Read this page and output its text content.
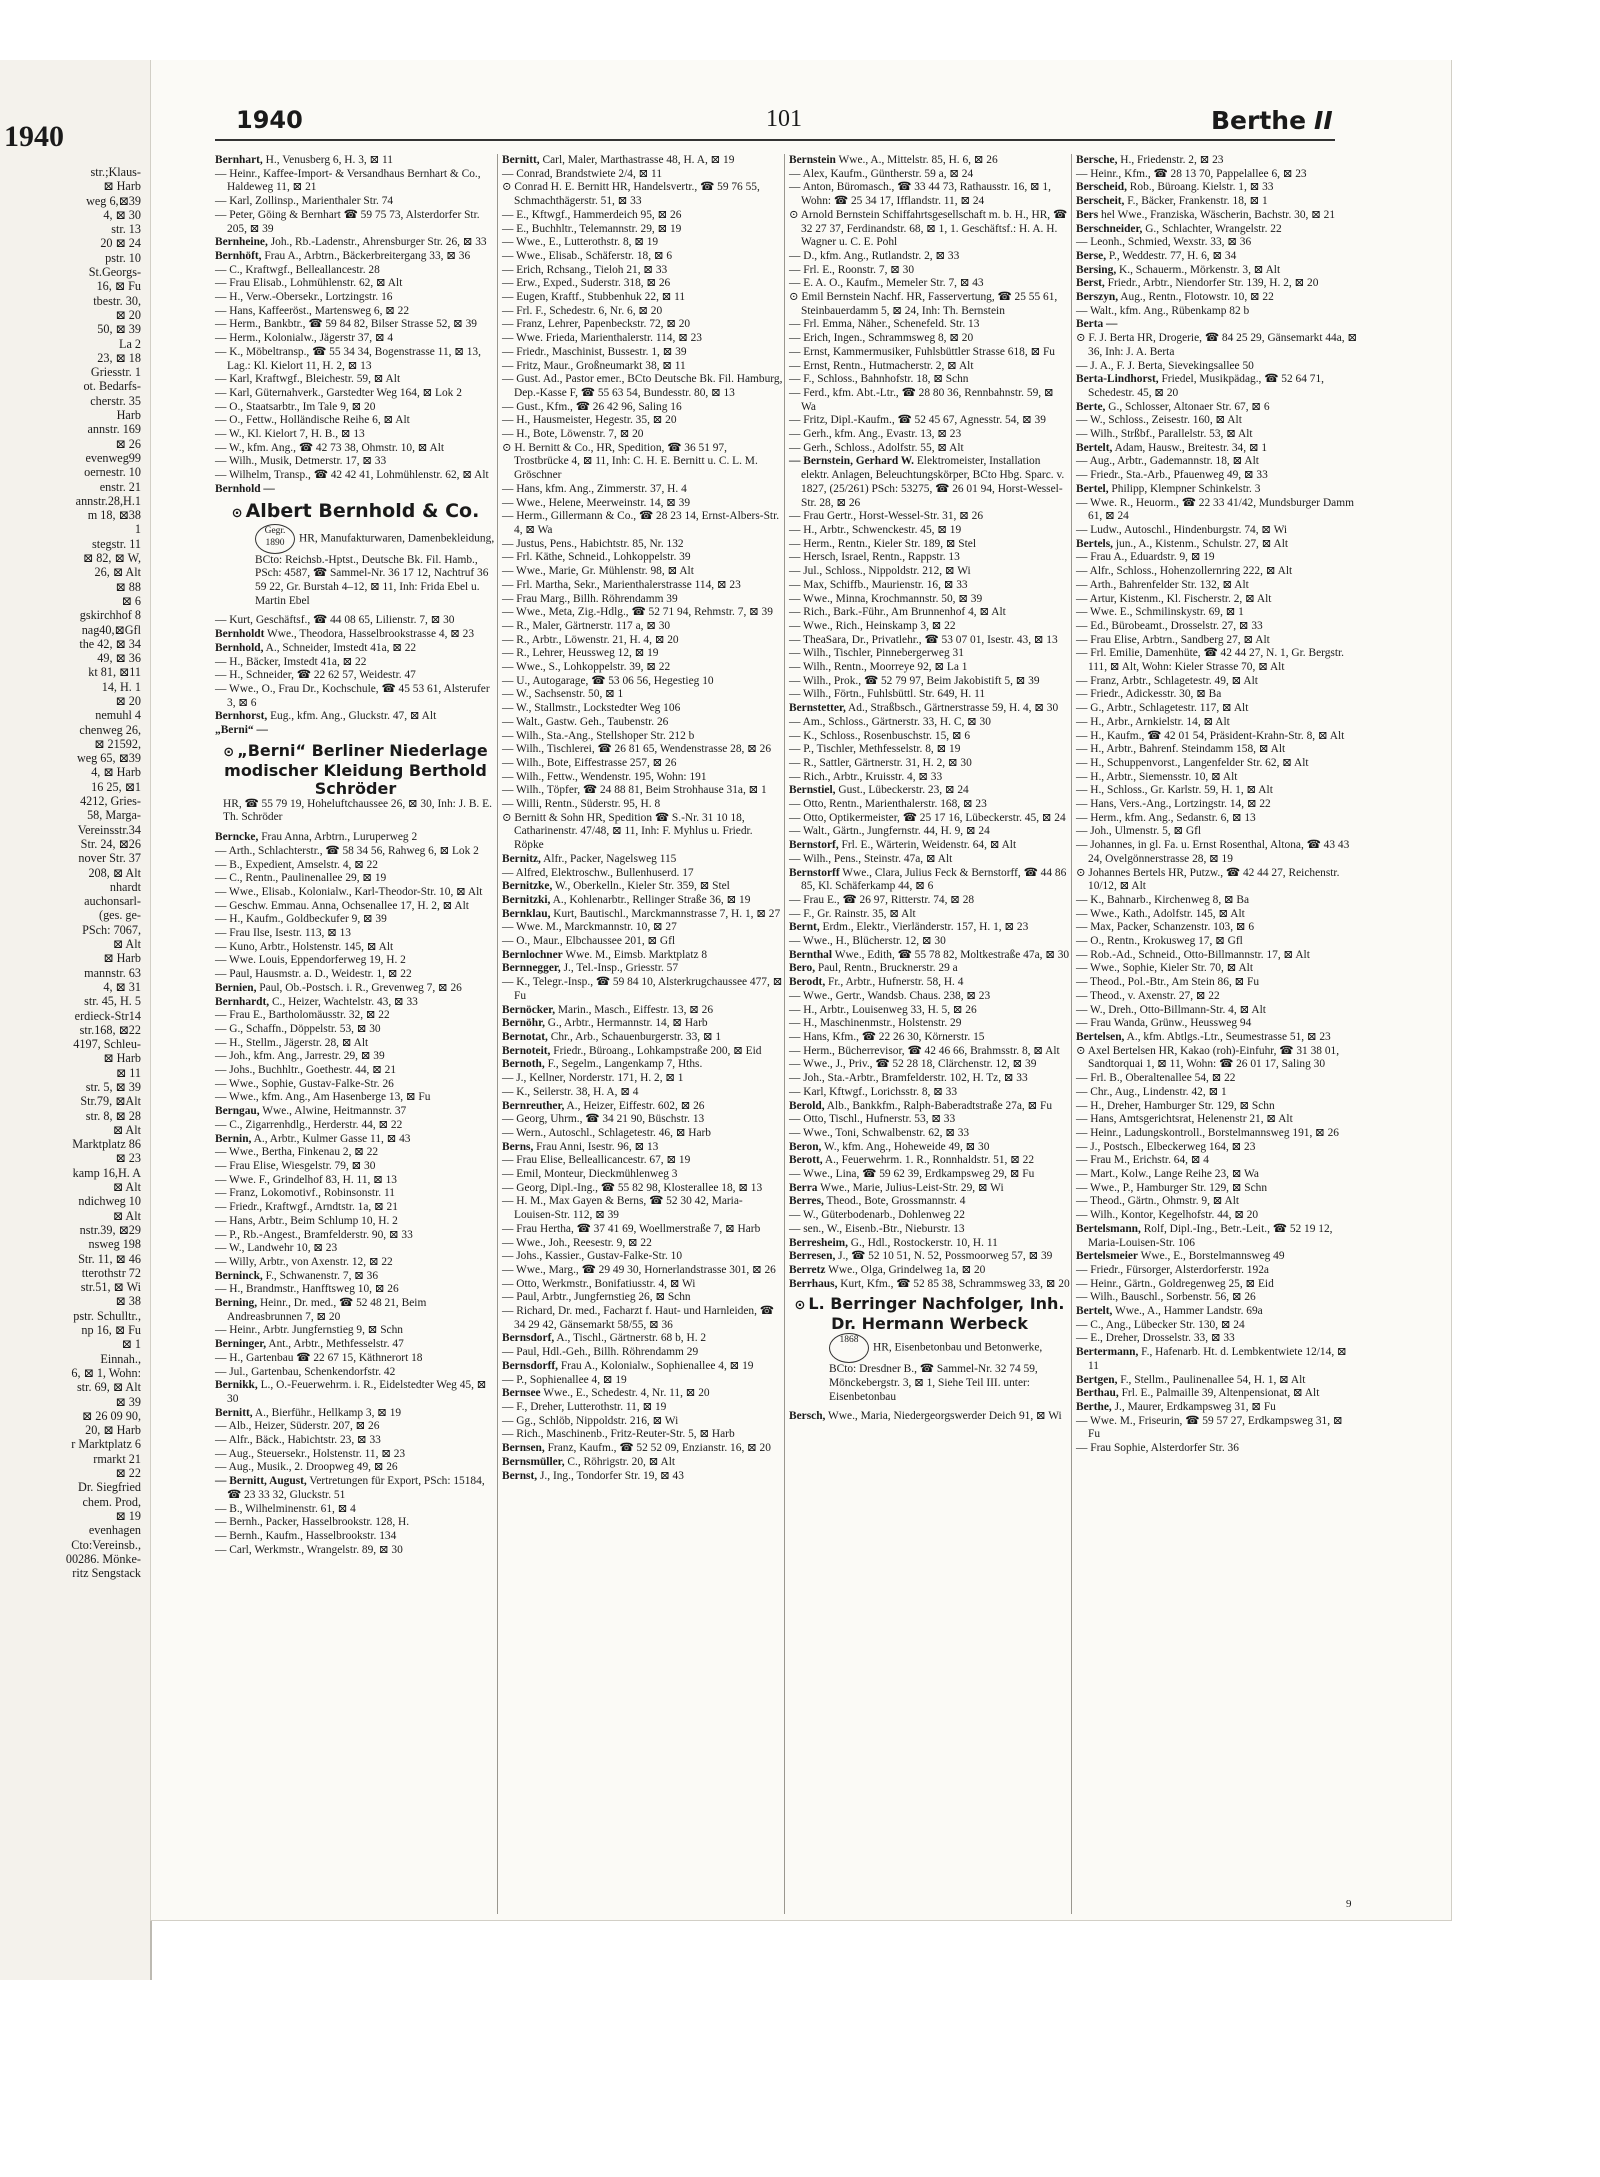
1940
str.;Klaus-
⊠ Harb
weg 6,⊠39
4, ⊠ 30
str. 13
20 ⊠ 24
pstr. 10
St.Georgs-
16, ⊠ Fu
tbestr. 30,
⊠ 20
50, ⊠ 39
La 2
23, ⊠ 18
Griesstr. 1
ot. Bedarfs-
cherstr. 35
Harb
annstr. 169
⊠ 26
evenweg99
oernestr. 10
enstr. 21
annstr.28,H.1
m 18, ⊠38
1
stegstr. 11
⊠ 82, ⊠ W,
26, ⊠ Alt
⊠ 88
⊠ 6
gskirchhof 8
nag40,⊠Gfl
the 42, ⊠ 34
49, ⊠ 36
kt 81, ⊠11
14, H. 1
⊠ 20
nemuhl 4
chenweg 26,
⊠ 21592,
weg 65, ⊠39
4, ⊠ Harb
16 25, ⊠1
4212, Gries-
58, Marga-
Vereinsstr.34
Str. 24, ⊠26
nover Str. 37
208, ⊠ Alt
nhardt
auchonsarl-
(ges. ge-
PSch: 7067,
⊠ Alt
⊠ Harb
mannstr. 63
4, ⊠ 31
str. 45, H. 5
erdieck-Str14
str.168, ⊠22
4197, Schleu-
⊠ Harb
⊠ 11
str. 5, ⊠ 39
Str.79, ⊠Alt
str. 8, ⊠ 28
⊠ Alt
Marktplatz 86
⊠ 23
kamp 16,H. A
⊠ Alt
ndichweg 10
⊠ Alt
nstr.39, ⊠29
nsweg 198
Str. 11, ⊠ 46
tterothstr 72
str.51, ⊠ Wi
⊠ 38
pstr. Schulltr.,
np 16, ⊠ Fu
⊠ 1
Einnah.,
6, ⊠ 1, Wohn:
str. 69, ⊠ Alt
⊠ 39
⊠ 26 09 90,
20, ⊠ Harb
r Marktplatz 6
rmarkt 21
⊠ 22
Dr. Siegfried
chem. Prod,
⊠ 19
evenhagen
Cto:Vereinsb.,
00286. Mönke-
ritz Sengstack
1940	101	Berthe II
Bernhart, H., Venusberg 6, H. 3, ⊠ 11
— Heinr., Kaffee-Import- & Versandhaus Bernhart & Co., Haldeweg 11, ⊠ 21
— Karl, Zollinsp., Marienthaler Str. 74
— Peter, Göing & Bernhart ☎ 59 75 73, Alsterdorfer Str. 205, ⊠ 39
Bernheine, Joh., Rb.-Ladenstr., Ahrensburger Str. 26, ⊠ 33
Bernhöft, Frau A., Arbtrn., Bäckerbreitergang 33, ⊠ 36
— C., Kraftwgf., Belleallancestr. 28
— Frau Elisab., Lohmühlenstr. 62, ⊠ Alt
— H., Verw.-Obersekr., Lortzingstr. 16
— Hans, Kaffeeröst., Martensweg 6, ⊠ 22
— Herm., Bankbtr., ☎ 59 84 82, Bilser Strasse 52, ⊠ 39
— Herm., Kolonialw., Jägerstr 37, ⊠ 4
— K., Möbeltransp., ☎ 55 34 34, Bogenstrasse 11, ⊠ 13, Lag.: Kl. Kielort 11, H. 2, ⊠ 13
— Karl, Kraftwgf., Bleichestr. 59, ⊠ Alt
— Karl, Güternahverk., Garstedter Weg 164, ⊠ Lok 2
— O., Staatsarbtr., Im Tale 9, ⊠ 20
— O., Fettw., Holländische Reihe 6, ⊠ Alt
— W., Kl. Kielort 7, H. B., ⊠ 13
— W., kfm. Ang., ☎ 42 73 38, Ohmstr. 10, ⊠ Alt
— Wilh., Musik, Detmerstr. 17, ⊠ 33
— Wilhelm, Transp., ☎ 42 42 41, Lohmühlenstr. 62, ⊠ Alt
Bernhold —
⊙ Albert Bernhold & Co.
Gegr. 1890 HR, Manufakturwaren, Damenbekleidung, BCto: Reichsb.-Hptst., Deutsche Bk. Fil. Hamb., PSch: 4587, ☎ Sammel-Nr. 36 17 12, Nachtruf 36 59 22, Gr. Burstah 4–12, ⊠ 11, Inh: Frida Ebel u. Martin Ebel
— Kurt, Geschäftsf., ☎ 44 08 65, Lilienstr. 7, ⊠ 30
Bernholdt Wwe., Theodora, Hasselbrookstrasse 4, ⊠ 23
Bernhold, A., Schneider, Imstedt 41a, ⊠ 22
— H., Bäcker, Imstedt 41a, ⊠ 22
— H., Schneider, ☎ 22 62 57, Weidestr. 47
— Wwe., O., Frau Dr., Kochschule, ☎ 45 53 61, Alsterufer 3, ⊠ 6
Bernhorst, Eug., kfm. Ang., Gluckstr. 47, ⊠ Alt
„Berni“ —
⊙ „Berni“ Berliner Niederlage modischer Kleidung Berthold Schröder
HR, ☎ 55 79 19, Hoheluftchaussee 26, ⊠ 30, Inh: J. B. E. Th. Schröder
Berncke, Frau Anna, Arbtrn., Luruperweg 2
— Arth., Schlachterstr., ☎ 58 34 56, Rahweg 6, ⊠ Lok 2
— B., Expedient, Amselstr. 4, ⊠ 22
— C., Rentn., Paulinenallee 29, ⊠ 19
— Wwe., Elisab., Kolonialw., Karl-Theodor-Str. 10, ⊠ Alt
— Geschw. Emmau. Anna, Ochsenallee 17, H. 2, ⊠ Alt
— H., Kaufm., Goldbeckufer 9, ⊠ 39
— Frau Ilse, Isestr. 113, ⊠ 13
— Kuno, Arbtr., Holstenstr. 145, ⊠ Alt
— Wwe. Louis, Eppendorferweg 19, H. 2
— Paul, Hausmstr. a. D., Weidestr. 1, ⊠ 22
Bernien, Paul, Ob.-Postsch. i. R., Grevenweg 7, ⊠ 26
Bernhardt, C., Heizer, Wachtelstr. 43, ⊠ 33
— Frau E., Bartholomäusstr. 32, ⊠ 22
— G., Schaffn., Döppelstr. 53, ⊠ 30
— H., Stellm., Jägerstr. 28, ⊠ Alt
— Joh., kfm. Ang., Jarrestr. 29, ⊠ 39
— Johs., Buchhltr., Goethestr. 44, ⊠ 21
— Wwe., Sophie, Gustav-Falke-Str. 26
— Wwe., kfm. Ang., Am Hasenberge 13, ⊠ Fu
Berngau, Wwe., Alwine, Heitmannstr. 37
— C., Zigarrenhdlg., Herderstr. 44, ⊠ 22
Bernin, A., Arbtr., Kulmer Gasse 11, ⊠ 43
— Wwe., Bertha, Finkenau 2, ⊠ 22
— Frau Elise, Wiesgelstr. 79, ⊠ 30
— Wwe. F., Grindelhof 83, H. 11, ⊠ 13
— Franz, Lokomotivf., Robinsonstr. 11
— Friedr., Kraftwgf., Arndtstr. 1a, ⊠ 21
— Hans, Arbtr., Beim Schlump 10, H. 2
— P., Rb.-Angest., Bramfelderstr. 90, ⊠ 33
— W., Landwehr 10, ⊠ 23
— Willy, Arbtr., von Axenstr. 12, ⊠ 22
Berninck, F., Schwanenstr. 7, ⊠ 36
— H., Brandmstr., Hanfftsweg 10, ⊠ 26
Berning, Heinr., Dr. med., ☎ 52 48 21, Beim Andreasbrunnen 7, ⊠ 20
— Heinr., Arbtr. Jungfernstieg 9, ⊠ Schn
Berninger, Ant., Arbtr., Methfesselstr. 47
— H., Gartenbau ☎ 22 67 15, Käthnerort 18
— Jul., Gartenbau, Schenkendorfstr. 42
Bernikk, L., O.-Feuerwehrm. i. R., Eidelstedter Weg 45, ⊠ 30
Bernitt, A., Bierführ., Hellkamp 3, ⊠ 19
— Alb., Heizer, Süderstr. 207, ⊠ 26
— Alfr., Bäck., Habichtstr. 23, ⊠ 33
— Aug., Steuersekr., Holstenstr. 11, ⊠ 23
— Aug., Musik., 2. Droopweg 49, ⊠ 26
— Bernitt, August, Vertretungen für Export, PSch: 15184, ☎ 23 33 32, Gluckstr. 51
— B., Wilhelminenstr. 61, ⊠ 4
— Bernh., Packer, Hasselbrookstr. 128, H.
— Bernh., Kaufm., Hasselbrookstr. 134
— Carl, Werkmstr., Wrangelstr. 89, ⊠ 30
Bernitt, Carl, Maler, Marthastrasse 48, H. A, ⊠ 19
— Conrad, Brandstwiete 2/4, ⊠ 11
⊙ Conrad H. E. Bernitt HR, Handelsvertr., ☎ 59 76 55, Schmachthägerstr. 51, ⊠ 33
— E., Kftwgf., Hammerdeich 95, ⊠ 26
— E., Buchhltr., Telemannstr. 29, ⊠ 19
— Wwe., E., Lutterothstr. 8, ⊠ 19
— Wwe., Elisab., Schäferstr. 18, ⊠ 6
— Erich, Rchsang., Tieloh 21, ⊠ 33
— Erw., Exped., Suderstr. 318, ⊠ 26
— Eugen, Kraftf., Stubbenhuk 22, ⊠ 11
— Frl. F., Schedestr. 6, Nr. 6, ⊠ 20
— Franz, Lehrer, Papenbeckstr. 72, ⊠ 20
— Wwe. Frieda, Marienthalerstr. 114, ⊠ 23
— Friedr., Maschinist, Bussestr. 1, ⊠ 39
— Fritz, Maur., Großneumarkt 38, ⊠ 11
— Gust. Ad., Pastor emer., BCto Deutsche Bk. Fil. Hamburg, Dep.-Kasse F, ☎ 55 63 54, Bundesstr. 80, ⊠ 13
— Gust., Kfm., ☎ 26 42 96, Saling 16
— H., Hausmeister, Hegestr. 35, ⊠ 20
— H., Bote, Löwenstr. 7, ⊠ 20
⊙ H. Bernitt & Co., HR, Spedition, ☎ 36 51 97, Trostbrücke 4, ⊠ 11, Inh: C. H. E. Bernitt u. C. L. M. Gröschner
— Hans, kfm. Ang., Zimmerstr. 37, H. 4
— Wwe., Helene, Meerweinstr. 14, ⊠ 39
— Herm., Gillermann & Co., ☎ 28 23 14, Ernst-Albers-Str. 4, ⊠ Wa
— Justus, Pens., Habichtstr. 85, Nr. 132
— Frl. Käthe, Schneid., Lohkoppelstr. 39
— Wwe., Marie, Gr. Mühlenstr. 98, ⊠ Alt
— Frl. Martha, Sekr., Marienthalerstrasse 114, ⊠ 23
— Frau Marg., Billh. Röhrendamm 39
— Wwe., Meta, Zig.-Hdlg., ☎ 52 71 94, Rehmstr. 7, ⊠ 39
— R., Maler, Gärtnerstr. 117 a, ⊠ 30
— R., Arbtr., Löwenstr. 21, H. 4, ⊠ 20
— R., Lehrer, Heussweg 12, ⊠ 19
— Wwe., S., Lohkoppelstr. 39, ⊠ 22
— U., Autogarage, ☎ 53 06 56, Hegestieg 10
— W., Sachsenstr. 50, ⊠ 1
— W., Stallmstr., Lockstedter Weg 106
— Walt., Gastw. Geh., Taubenstr. 26
— Wilh., Sta.-Ang., Stellshoper Str. 212 b
— Wilh., Tischlerei, ☎ 26 81 65, Wendenstrasse 28, ⊠ 26
— Wilh., Bote, Eiffestrasse 257, ⊠ 26
— Wilh., Fettw., Wendenstr. 195, Wohn: 191
— Wilh., Töpfer, ☎ 24 88 81, Beim Strohhause 31a, ⊠ 1
— Willi, Rentn., Süderstr. 95, H. 8
⊙ Bernitt & Sohn HR, Spedition ☎ S.-Nr. 31 10 18, Catharinenstr. 47/48, ⊠ 11, Inh: F. Myhlus u. Friedr. Röpke
Bernitz, Alfr., Packer, Nagelsweg 115
— Alfred, Elektroschw., Bullenhuserd. 17
Bernitzke, W., Oberkelln., Kieler Str. 359, ⊠ Stel
Bernitzki, A., Kohlenarbtr., Rellinger Straße 36, ⊠ 19
Bernklau, Kurt, Bautischl., Marckmannstrasse 7, H. 1, ⊠ 27
— Wwe. M., Marckmannstr. 10, ⊠ 27
— O., Maur., Elbchaussee 201, ⊠ Gfl
Bernlochner Wwe. M., Eimsb. Marktplatz 8
Bernnegger, J., Tel.-Insp., Griesstr. 57
— K., Telegr.-Insp., ☎ 59 84 10, Alsterkrugchaussee 477, ⊠ Fu
Bernöcker, Marin., Masch., Eiffestr. 13, ⊠ 26
Bernöhr, G., Arbtr., Hermannstr. 14, ⊠ Harb
Bernotat, Chr., Arb., Schauenburgerstr. 33, ⊠ 1
Bernoteit, Friedr., Büroang., Lohkampstraße 200, ⊠ Eid
Bernoth, F., Segelm., Langenkamp 7, Hths.
— J., Kellner, Norderstr. 171, H. 2, ⊠ 1
— K., Seilerstr. 38, H. A, ⊠ 4
Bernreuther, A., Heizer, Eiffestr. 602, ⊠ 26
— Georg, Uhrm., ☎ 34 21 90, Büschstr. 13
— Wern., Autoschl., Schlagetestr. 46, ⊠ Harb
Berns, Frau Anni, Isestr. 96, ⊠ 13
— Frau Elise, Belleallicancestr. 67, ⊠ 19
— Emil, Monteur, Dieckmühlenweg 3
— Georg, Dipl.-Ing., ☎ 55 82 98, Klosterallee 18, ⊠ 13
— H. M., Max Gayen & Berns, ☎ 52 30 42, Maria-Louisen-Str. 112, ⊠ 39
— Frau Hertha, ☎ 37 41 69, Woellmerstraße 7, ⊠ Harb
— Wwe., Joh., Reesestr. 9, ⊠ 22
— Johs., Kassier., Gustav-Falke-Str. 10
— Wwe., Marg., ☎ 29 49 30, Hornerlandstrasse 301, ⊠ 26
— Otto, Werkmstr., Bonifatiusstr. 4, ⊠ Wi
— Paul, Arbtr., Jungfernstieg 26, ⊠ Schn
— Richard, Dr. med., Facharzt f. Haut- und Harnleiden, ☎ 34 29 42, Gänsemarkt 58/55, ⊠ 36
Bernsdorf, A., Tischl., Gärtnerstr. 68 b, H. 2
— Paul, Hdl.-Geh., Billh. Röhrendamm 29
Bernsdorff, Frau A., Kolonialw., Sophienallee 4, ⊠ 19
— P., Sophienallee 4, ⊠ 19
Bernsee Wwe., E., Schedestr. 4, Nr. 11, ⊠ 20
— F., Dreher, Lutterothstr. 11, ⊠ 19
— Gg., Schlöb, Nippoldstr. 216, ⊠ Wi
— Rich., Maschinenb., Fritz-Reuter-Str. 5, ⊠ Harb
Bernsen, Franz, Kaufm., ☎ 52 52 09, Enzianstr. 16, ⊠ 20
Bernsmüller, C., Röhrigstr. 20, ⊠ Alt
Bernst, J., Ing., Tondorfer Str. 19, ⊠ 43
Bernstein Wwe., A., Mittelstr. 85, H. 6, ⊠ 26
— Alex, Kaufm., Güntherstr. 59 a, ⊠ 24
— Anton, Büromasch., ☎ 33 44 73, Rathausstr. 16, ⊠ 1, Wohn: ☎ 25 34 17, Ifflandstr. 11, ⊠ 24
⊙ Arnold Bernstein Schiffahrtsgesellschaft m. b. H., HR, ☎ 32 27 37, Ferdinandstr. 68, ⊠ 1, 1. Geschäftsf.: H. A. H. Wagner u. C. E. Pohl
— D., kfm. Ang., Rutlandstr. 2, ⊠ 33
— Frl. E., Roonstr. 7, ⊠ 30
— E. A. O., Kaufm., Memeler Str. 7, ⊠ 43
⊙ Emil Bernstein Nachf. HR, Fasservertung, ☎ 25 55 61, Steinbauerdamm 5, ⊠ 24, Inh: Th. Bernstein
— Frl. Emma, Näher., Schenefeld. Str. 13
— Erich, Ingen., Schrammsweg 8, ⊠ 20
— Ernst, Kammermusiker, Fuhlsbüttler Strasse 618, ⊠ Fu
— Ernst, Rentn., Hutmacherstr. 2, ⊠ Alt
— F., Schloss., Bahnhofstr. 18, ⊠ Schn
— Ferd., kfm. Abt.-Ltr., ☎ 28 80 36, Rennbahnstr. 59, ⊠ Wa
— Fritz, Dipl.-Kaufm., ☎ 52 45 67, Agnesstr. 54, ⊠ 39
— Gerh., kfm. Ang., Evastr. 13, ⊠ 23
— Gerh., Schloss., Adolfstr. 55, ⊠ Alt
— Bernstein, Gerhard W. Elektromeister, Installation elektr. Anlagen, Beleuchtungskörper, BCto Hbg. Sparc. v. 1827, (25/261) PSch: 53275, ☎ 26 01 94, Horst-Wessel-Str. 28, ⊠ 26
— Frau Gertr., Horst-Wessel-Str. 31, ⊠ 26
— H., Arbtr., Schwenckestr. 45, ⊠ 19
— Herm., Rentn., Kieler Str. 189, ⊠ Stel
— Hersch, Israel, Rentn., Rappstr. 13
— Jul., Schloss., Nippoldstr. 212, ⊠ Wi
— Max, Schiffb., Maurienstr. 16, ⊠ 33
— Wwe., Minna, Krochmannstr. 50, ⊠ 39
— Rich., Bark.-Führ., Am Brunnenhof 4, ⊠ Alt
— Wwe., Rich., Heinskamp 3, ⊠ 22
— TheaSara, Dr., Privatlehr., ☎ 53 07 01, Isestr. 43, ⊠ 13
— Wilh., Tischler, Pinnebergerweg 31
— Wilh., Rentn., Moorreye 92, ⊠ La 1
— Wilh., Prok., ☎ 52 79 97, Beim Jakobistift 5, ⊠ 39
— Wilh., Förtn., Fuhlsbüttl. Str. 649, H. 11
Bernstetter, Ad., Straßbsch., Gärtnerstrasse 59, H. 4, ⊠ 30
— Am., Schloss., Gärtnerstr. 33, H. C, ⊠ 30
— K., Schloss., Rosenbuschstr. 15, ⊠ 6
— P., Tischler, Methfesselstr. 8, ⊠ 19
— R., Sattler, Gärtnerstr. 31, H. 2, ⊠ 30
— Rich., Arbtr., Kruisstr. 4, ⊠ 33
Bernstiel, Gust., Lübeckerstr. 23, ⊠ 24
— Otto, Rentn., Marienthalerstr. 168, ⊠ 23
— Otto, Optikermeister, ☎ 25 17 16, Lübeckerstr. 45, ⊠ 24
— Walt., Gärtn., Jungfernstr. 44, H. 9, ⊠ 24
Bernstorf, Frl. E., Wärterin, Weidenstr. 64, ⊠ Alt
— Wilh., Pens., Steinstr. 47a, ⊠ Alt
Bernstorff Wwe., Clara, Julius Feck & Bernstorff, ☎ 44 86 85, Kl. Schäferkamp 44, ⊠ 6
— Frau E., ☎ 26 97, Ritterstr. 74, ⊠ 28
— F., Gr. Rainstr. 35, ⊠ Alt
Bernt, Erdm., Elektr., Vierländerstr. 157, H. 1, ⊠ 23
— Wwe., H., Blücherstr. 12, ⊠ 30
Bernthal Wwe., Edith, ☎ 55 78 82, Moltkestraße 47a, ⊠ 30
Bero, Paul, Rentn., Brucknerstr. 29 a
Berodt, Fr., Arbtr., Hufnerstr. 58, H. 4
— Wwe., Gertr., Wandsb. Chaus. 238, ⊠ 23
— H., Arbtr., Louisenweg 33, H. 5, ⊠ 26
— H., Maschinenmstr., Holstenstr. 29
— Hans, Kfm., ☎ 22 26 30, Körnerstr. 15
— Herm., Bücherrevisor, ☎ 42 46 66, Brahmsstr. 8, ⊠ Alt
— Wwe., J., Priv., ☎ 52 28 18, Clärchenstr. 12, ⊠ 39
— Joh., Sta.-Arbtr., Bramfelderstr. 102, H. Tz, ⊠ 33
— Karl, Kftwgf., Lorichsstr. 8, ⊠ 33
Berold, Alb., Bankkfm., Ralph-Baberadtstraße 27a, ⊠ Fu
— Otto, Tischl., Hufnerstr. 53, ⊠ 33
— Wwe., Toni, Schwalbenstr. 62, ⊠ 33
Beron, W., kfm. Ang., Hoheweide 49, ⊠ 30
Berott, A., Feuerwehrm. 1. R., Ronnhaldstr. 51, ⊠ 22
— Wwe., Lina, ☎ 59 62 39, Erdkampsweg 29, ⊠ Fu
Berra Wwe., Marie, Julius-Leist-Str. 29, ⊠ Wi
Berres, Theod., Bote, Grossmannstr. 4
— W., Güterbodenarb., Dohlenweg 22
— sen., W., Eisenb.-Btr., Nieburstr. 13
Berresheim, G., Hdl., Rostockerstr. 10, H. 11
Berresen, J., ☎ 52 10 51, N. 52, Possmoorweg 57, ⊠ 39
Berretz Wwe., Olga, Grindelweg 1a, ⊠ 20
Berrhaus, Kurt, Kfm., ☎ 52 85 38, Schrammsweg 33, ⊠ 20
⊙ L. Berringer Nachfolger, Inh. Dr. Hermann Werbeck
1868HR, Eisenbetonbau und Betonwerke, BCto: Dresdner B., ☎ Sammel-Nr. 32 74 59, Mönckebergstr. 3, ⊠ 1, Siehe Teil III. unter: Eisenbetonbau
Bersch, Wwe., Maria, Niedergeorgswerder Deich 91, ⊠ Wi
Bersche, H., Friedenstr. 2, ⊠ 23
— Heinr., Kfm., ☎ 28 13 70, Pappelallee 6, ⊠ 23
Berscheid, Rob., Büroang. Kielstr. 1, ⊠ 33
Berscheit, F., Bäcker, Frankenstr. 18, ⊠ 1
Bers hel Wwe., Franziska, Wäscherin, Bachstr. 30, ⊠ 21
Berschneider, G., Schlachter, Wrangelstr. 22
— Leonh., Schmied, Wexstr. 33, ⊠ 36
Berse, P., Weddestr. 77, H. 6, ⊠ 34
Bersing, K., Schauerm., Mörkenstr. 3, ⊠ Alt
Berst, Friedr., Arbtr., Niendorfer Str. 139, H. 2, ⊠ 20
Berszyn, Aug., Rentn., Flotowstr. 10, ⊠ 22
— Walt., kfm. Ang., Rübenkamp 82 b
Berta —
⊙ F. J. Berta HR, Drogerie, ☎ 84 25 29, Gänsemarkt 44a, ⊠ 36, Inh: J. A. Berta
— J. A., F. J. Berta, Sievekingsallee 50
Berta-Lindhorst, Friedel, Musikpädag., ☎ 52 64 71, Schedestr. 45, ⊠ 20
Berte, G., Schlosser, Altonaer Str. 67, ⊠ 6
— W., Schloss., Zeisestr. 160, ⊠ Alt
— Wilh., Strßbf., Parallelstr. 53, ⊠ Alt
Bertelt, Adam, Hausw., Breitestr. 34, ⊠ 1
— Aug., Arbtr., Gademannstr. 18, ⊠ Alt
— Friedr., Sta.-Arb., Pfauenweg 49, ⊠ 33
Bertel, Philipp, Klempner Schinkelstr. 3
— Wwe. R., Heuorm., ☎ 22 33 41/42, Mundsburger Damm 61, ⊠ 24
— Ludw., Autoschl., Hindenburgstr. 74, ⊠ Wi
Bertels, jun., A., Kistenm., Schulstr. 27, ⊠ Alt
— Frau A., Eduardstr. 9, ⊠ 19
— Alfr., Schloss., Hohenzollernring 222, ⊠ Alt
— Arth., Bahrenfelder Str. 132, ⊠ Alt
— Artur, Kistenm., Kl. Fischerstr. 2, ⊠ Alt
— Wwe. E., Schmilinskystr. 69, ⊠ 1
— Ed., Bürobeamt., Drosselstr. 27, ⊠ 33
— Frau Elise, Arbtrn., Sandberg 27, ⊠ Alt
— Frl. Emilie, Damenhüte, ☎ 42 44 27, N. 1, Gr. Bergstr. 111, ⊠ Alt, Wohn: Kieler Strasse 70, ⊠ Alt
— Franz, Arbtr., Schlagetestr. 49, ⊠ Alt
— Friedr., Adickesstr. 30, ⊠ Ba
— G., Arbtr., Schlagetestr. 117, ⊠ Alt
— H., Arbr., Arnkielstr. 14, ⊠ Alt
— H., Kaufm., ☎ 42 01 54, Präsident-Krahn-Str. 8, ⊠ Alt
— H., Arbtr., Bahrenf. Steindamm 158, ⊠ Alt
— H., Schuppenvorst., Langenfelder Str. 62, ⊠ Alt
— H., Arbtr., Siemensstr. 10, ⊠ Alt
— H., Schloss., Gr. Karlstr. 59, H. 1, ⊠ Alt
— Hans, Vers.-Ang., Lortzingstr. 14, ⊠ 22
— Herm., kfm. Ang., Sedanstr. 6, ⊠ 13
— Joh., Ulmenstr. 5, ⊠ Gfl
— Johannes, in gl. Fa. u. Ernst Rosenthal, Altona, ☎ 43 43 24, Ovelgönnerstrasse 28, ⊠ 19
⊙ Johannes Bertels HR, Putzw., ☎ 42 44 27, Reichenstr. 10/12, ⊠ Alt
— K., Bahnarb., Kirchenweg 8, ⊠ Ba
— Wwe., Kath., Adolfstr. 145, ⊠ Alt
— Max, Packer, Schanzenstr. 103, ⊠ 6
— O., Rentn., Krokusweg 17, ⊠ Gfl
— Rob.-Ad., Schneid., Otto-Billmannstr. 17, ⊠ Alt
— Wwe., Sophie, Kieler Str. 70, ⊠ Alt
— Theod., Pol.-Btr., Am Stein 86, ⊠ Fu
— Theod., v. Axenstr. 27, ⊠ 22
— W., Dreh., Otto-Billmann-Str. 4, ⊠ Alt
— Frau Wanda, Grünw., Heussweg 94
Bertelsen, A., kfm. Abtlgs.-Ltr., Seumestrasse 51, ⊠ 23
⊙ Axel Bertelsen HR, Kakao (roh)-Einfuhr, ☎ 31 38 01, Sandtorquai 1, ⊠ 11, Wohn: ☎ 26 01 17, Saling 30
— Frl. B., Oberaltenallee 54, ⊠ 22
— Chr., Aug., Lindenstr. 42, ⊠ 1
— H., Dreher, Hamburger Str. 129, ⊠ Schn
— Hans, Amtsgerichtsrat, Helenenstr 21, ⊠ Alt
— Heinr., Ladungskontroll., Borstelmannsweg 191, ⊠ 26
— J., Postsch., Elbeckerweg 164, ⊠ 23
— Frau M., Erichstr. 64, ⊠ 4
— Mart., Kolw., Lange Reihe 23, ⊠ Wa
— Wwe., P., Hamburger Str. 129, ⊠ Schn
— Theod., Gärtn., Ohmstr. 9, ⊠ Alt
— Wilh., Kontor, Kegelhofstr. 44, ⊠ 20
Bertelsmann, Rolf, Dipl.-Ing., Betr.-Leit., ☎ 52 19 12, Maria-Louisen-Str. 106
Bertelsmeier Wwe., E., Borstelmannsweg 49
— Friedr., Fürsorger, Alsterdorferstr. 192a
— Heinr., Gärtn., Goldregenweg 25, ⊠ Eid
— Wilh., Bauschl., Sorbenstr. 56, ⊠ 26
Bertelt, Wwe., A., Hammer Landstr. 69a
— C., Ang., Lübecker Str. 130, ⊠ 24
— E., Dreher, Drosselstr. 33, ⊠ 33
Bertermann, F., Hafenarb. Ht. d. Lembkentwiete 12/14, ⊠ 11
Bertgen, F., Stellm., Paulinenallee 54, H. 1, ⊠ Alt
Berthau, Frl. E., Palmaille 39, Altenpensionat, ⊠ Alt
Berthe, J., Maurer, Erdkampsweg 31, ⊠ Fu
— Wwe. M., Friseurin, ☎ 59 57 27, Erdkampsweg 31, ⊠ Fu
— Frau Sophie, Alsterdorfer Str. 36
9
